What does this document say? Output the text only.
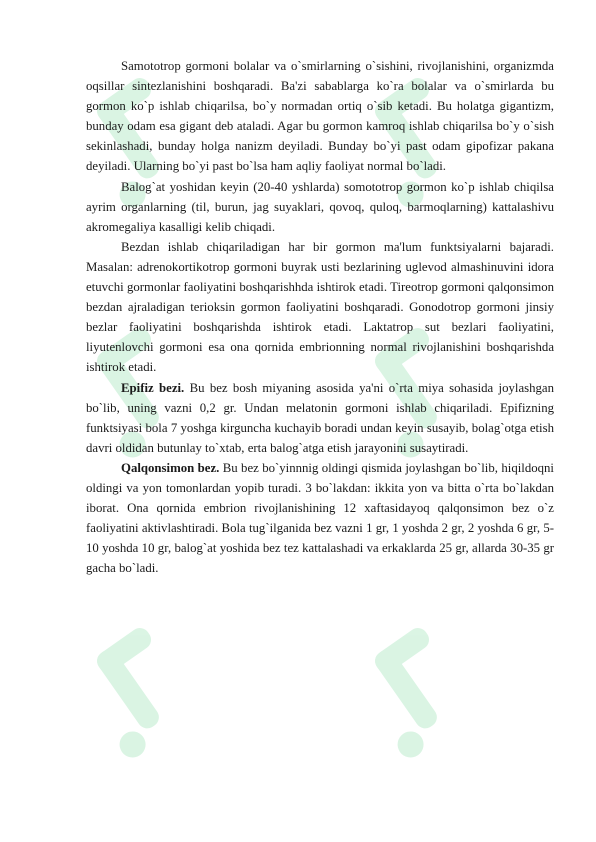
Samototrop gormoni bolalar va o`smirlarning o`sishini, rivojlanishini, organizmda oqsillar sintezlanishini boshqaradi. Ba'zi sabablarga ko`ra bolalar va o`smirlarda bu gormon ko`p ishlab chiqarilsa, bo`y normadan ortiq o`sib ketadi. Bu holatga gigantizm, bunday odam esa gigant deb ataladi. Agar bu gormon kamroq ishlab chiqarilsa bo`y o`sish sekinlashadi, bunday holga nanizm deyiladi. Bunday bo`yi past odam gipofizar pakana deyiladi. Ularning bo`yi past bo`lsa ham aqliy faoliyat normal bo`ladi.

Balog`at yoshidan keyin (20-40 yshlarda) somototrop gormon ko`p ishlab chiqilsa ayrim organlarning (til, burun, jag suyaklari, qovoq, quloq, barmoqlarning) kattalashivu akromegaliya kasalligi kelib chiqadi.

Bezdan ishlab chiqariladigan har bir gormon ma'lum funktsiyalarni bajaradi. Masalan: adrenokortikotrop gormoni buyrak usti bezlarining uglevod almashinuvini idora etuvchi gormonlar faoliyatini boshqarishhda ishtirok etadi. Tireotrop gormoni qalqonsimon bezdan ajraladigan terioksin gormon faoliyatini boshqaradi. Gonodotrop gormoni jinsiy bezlar faoliyatini boshqarishda ishtirok etadi. Laktatrop sut bezlari faoliyatini, liyutenlovchi gormoni esa ona qornida embrionning normal rivojlanishini boshqarishda ishtirok etadi.

Epifiz bezi. Bu bez bosh miyaning asosida ya'ni o`rta miya sohasida joylashgan bo`lib, uning vazni 0,2 gr. Undan melatonin gormoni ishlab chiqariladi. Epifizning funktsiyasi bola 7 yoshga kirguncha kuchayib boradi undan keyin susayib, bolag`otga etish davri oldidan butunlay to`xtab, erta balog`atga etish jarayonini susaytiradi.

Qalqonsimon bez. Bu bez bo`yinnnig oldingi qismida joylashgan bo`lib, hiqildoqni oldingi va yon tomonlardan yopib turadi. 3 bo`lakdan: ikkita yon va bitta o`rta bo`lakdan iborat. Ona qornida embrion rivojlanishining 12 xaftasidayoq qalqonsimon bez o`z faoliyatini aktivlashtiradi. Bola tug`ilganida bez vazni 1 gr, 1 yoshda 2 gr, 2 yoshda 6 gr, 5-10 yoshda 10 gr, balog`at yoshida bez tez kattalashadi va erkaklarda 25 gr, allarda 30-35 gr gacha bo`ladi.
